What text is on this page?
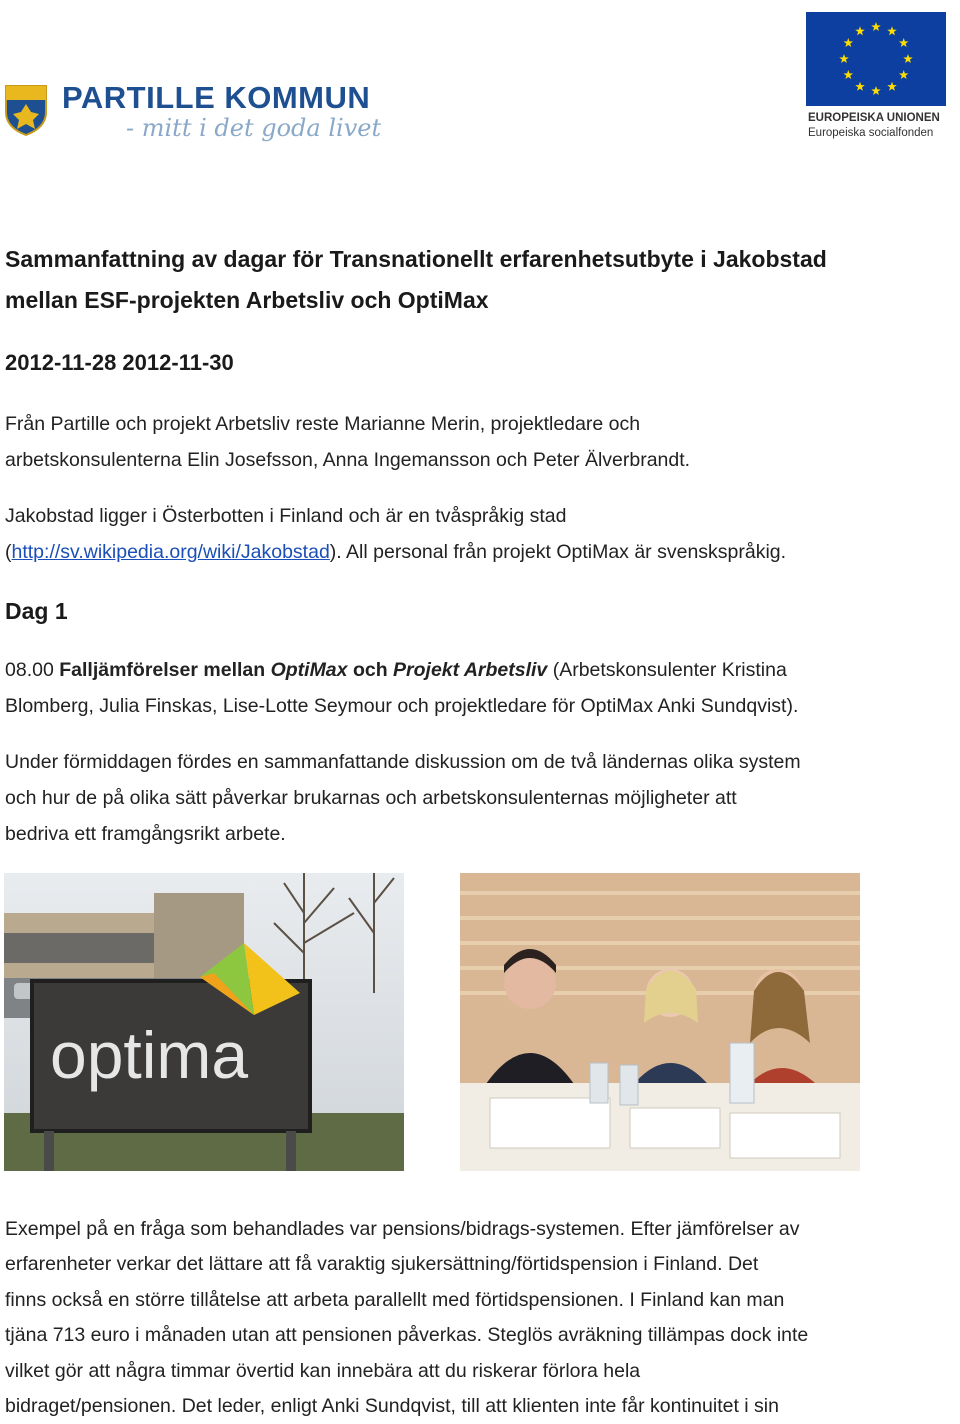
PARTILLE KOMMUN
- mitt i det goda livet	EUROPEISKA UNIONEN
Europeiska socialfonden
Sammanfattning av dagar för Transnationellt erfarenhetsutbyte i Jakobstad
mellan ESF-projekten Arbetsliv och OptiMax
2012-11-28 2012-11-30
Från Partille och projekt Arbetsliv reste Marianne Merin, projektledare och
arbetskonsulenterna Elin Josefsson, Anna Ingemansson och Peter Älverbrandt.
Jakobstad ligger i Österbotten i Finland och är en tvåspråkig stad
(http://sv.wikipedia.org/wiki/Jakobstad). All personal från projekt OptiMax är svenskspråkig.
Dag 1
08.00 Falljämförelser mellan OptiMax och Projekt Arbetsliv (Arbetskonsulenter Kristina
Blomberg, Julia Finskas, Lise-Lotte Seymour och projektledare för OptiMax Anki Sundqvist).
Under förmiddagen fördes en sammanfattande diskussion om de två ländernas olika system
och hur de på olika sätt påverkar brukarnas och arbetskonsulenternas möjligheter att
bedriva ett framgångsrikt arbete.
optima
Exempel på en fråga som behandlades var pensions/bidrags-systemen. Efter jämförelser av
erfarenheter verkar det lättare att få varaktig sjukersättning/förtidspension i Finland. Det
finns också en större tillåtelse att arbeta parallellt med förtidspensionen. I Finland kan man
tjäna 713 euro i månaden utan att pensionen påverkas. Steglös avräkning tillämpas dock inte
vilket gör att några timmar övertid kan innebära att du riskerar förlora hela
bidraget/pensionen. Det leder, enligt Anki Sundqvist, till att klienten inte får kontinuitet i sin
